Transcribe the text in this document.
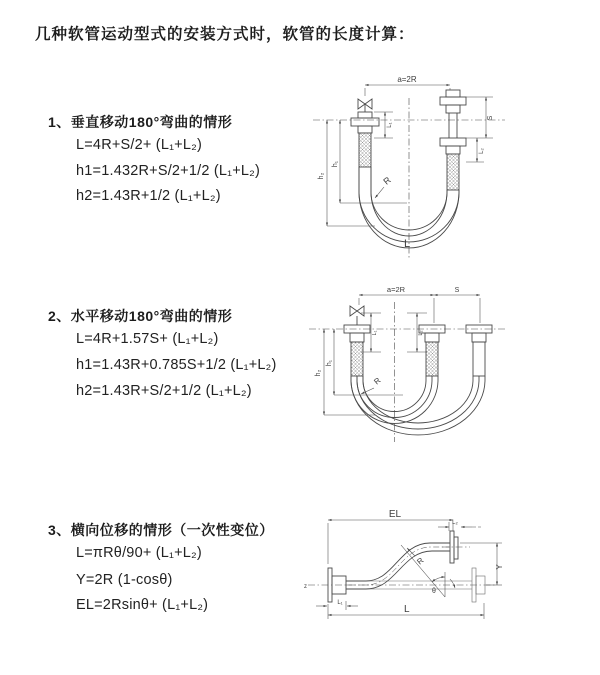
几种软管运动型式的安装方式时，软管的长度计算：
1、垂直移动180°弯曲的情形
L=4R+S/2+ (L₁+L₂)
h1=1.432R+S/2+1/2 (L₁+L₂)
h2=1.43R+1/2 (L₁+L₂)
2、水平移动180°弯曲的情形
L=4R+1.57S+ (L₁+L₂)
h1=1.43R+0.785S+1/2 (L₁+L₂)
h2=1.43R+S/2+1/2 (L₁+L₂)
3、横向位移的情形（一次性变位）
L=πRθ/90+ (L₁+L₂)
Y=2R (1-cosθ)
EL=2Rsinθ+ (L₁+L₂)
a=2R
h₂
h₁
L₁
S
L₂
R
L
a=2R	S
h₂
h₁
L₁	L₂
R
EL
L₂
R
Y
θ
L
L₁
z
